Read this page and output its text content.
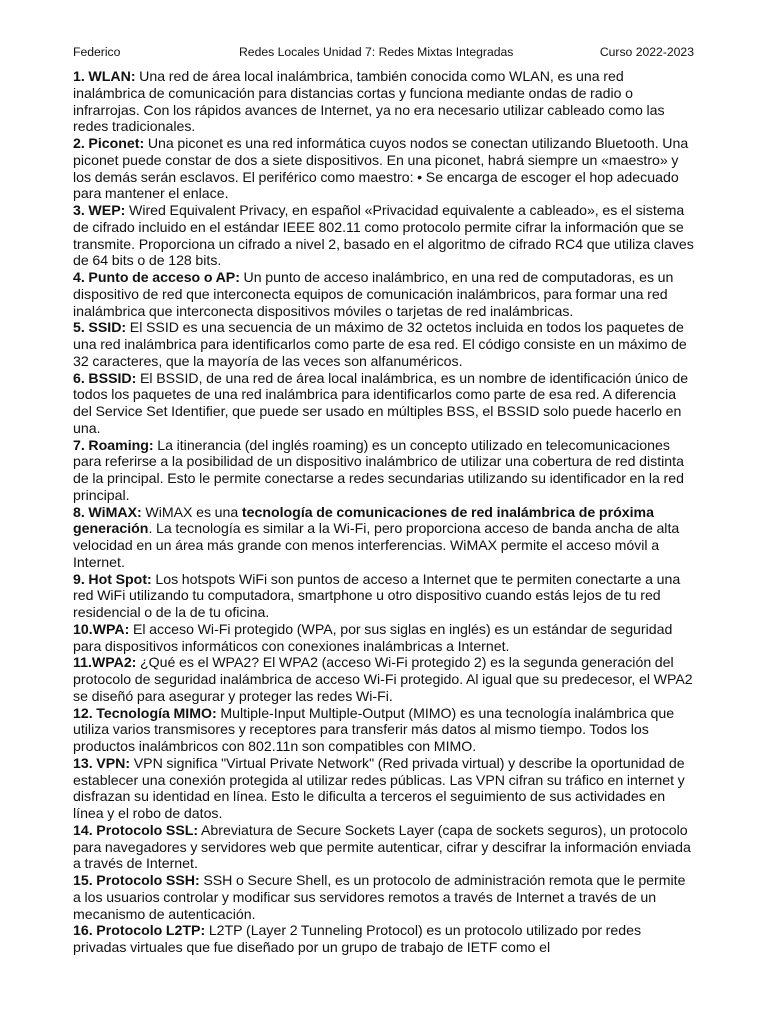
Federico	Redes Locales Unidad 7: Redes Mixtas Integradas	Curso 2022-2023

1. WLAN: Una red de área local inalámbrica, también conocida como WLAN, es una red inalámbrica de comunicación para distancias cortas y funciona mediante ondas de radio o infrarrojas. Con los rápidos avances de Internet, ya no era necesario utilizar cableado como las redes tradicionales.

2. Piconet: Una piconet es una red informática cuyos nodos se conectan utilizando Bluetooth. Una piconet puede constar de dos a siete dispositivos. En una piconet, habrá siempre un «maestro» y los demás serán esclavos. El periférico como maestro: • Se encarga de escoger el hop adecuado para mantener el enlace.

3. WEP: Wired Equivalent Privacy, en español «Privacidad equivalente a cableado», es el sistema de cifrado incluido en el estándar IEEE 802.11 como protocolo permite cifrar la información que se transmite. Proporciona un cifrado a nivel 2, basado en el algoritmo de cifrado RC4 que utiliza claves de 64 bits o de 128 bits.

4. Punto de acceso o AP: Un punto de acceso inalámbrico, en una red de computadoras, es un dispositivo de red que interconecta equipos de comunicación inalámbricos, para formar una red inalámbrica que interconecta dispositivos móviles o tarjetas de red inalámbricas.

5. SSID: El SSID es una secuencia de un máximo de 32 octetos incluida en todos los paquetes de una red inalámbrica para identificarlos como parte de esa red. El código consiste en un máximo de 32 caracteres, que la mayoría de las veces son alfanuméricos.

6. BSSID: El BSSID, de una red de área local inalámbrica, es un nombre de identificación único de todos los paquetes de una red inalámbrica para identificarlos como parte de esa red. A diferencia del Service Set Identifier, que puede ser usado en múltiples BSS, el BSSID solo puede hacerlo en una.

7. Roaming: La itinerancia (del inglés roaming) es un concepto utilizado en telecomunicaciones para referirse a la posibilidad de un dispositivo inalámbrico de utilizar una cobertura de red distinta de la principal. Esto le permite conectarse a redes secundarias utilizando su identificador en la red principal.

8. WiMAX: WiMAX es una tecnología de comunicaciones de red inalámbrica de próxima generación. La tecnología es similar a la Wi-Fi, pero proporciona acceso de banda ancha de alta velocidad en un área más grande con menos interferencias. WiMAX permite el acceso móvil a Internet.

9. Hot Spot: Los hotspots WiFi son puntos de acceso a Internet que te permiten conectarte a una red WiFi utilizando tu computadora, smartphone u otro dispositivo cuando estás lejos de tu red residencial o de la de tu oficina.

10.WPA: El acceso Wi-Fi protegido (WPA, por sus siglas en inglés) es un estándar de seguridad para dispositivos informáticos con conexiones inalámbricas a Internet.

11.WPA2: ¿Qué es el WPA2? El WPA2 (acceso Wi-Fi protegido 2) es la segunda generación del protocolo de seguridad inalámbrica de acceso Wi-Fi protegido. Al igual que su predecesor, el WPA2 se diseñó para asegurar y proteger las redes Wi-Fi.

12. Tecnología MIMO: Multiple-Input Multiple-Output (MIMO) es una tecnología inalámbrica que utiliza varios transmisores y receptores para transferir más datos al mismo tiempo. Todos los productos inalámbricos con 802.11n son compatibles con MIMO.

13. VPN: VPN significa "Virtual Private Network" (Red privada virtual) y describe la oportunidad de establecer una conexión protegida al utilizar redes públicas. Las VPN cifran su tráfico en internet y disfrazan su identidad en línea. Esto le dificulta a terceros el seguimiento de sus actividades en línea y el robo de datos.

14. Protocolo SSL: Abreviatura de Secure Sockets Layer (capa de sockets seguros), un protocolo para navegadores y servidores web que permite autenticar, cifrar y descifrar la información enviada a través de Internet.

15. Protocolo SSH: SSH o Secure Shell, es un protocolo de administración remota que le permite a los usuarios controlar y modificar sus servidores remotos a través de Internet a través de un mecanismo de autenticación.

16. Protocolo L2TP: L2TP (Layer 2 Tunneling Protocol) es un protocolo utilizado por redes privadas virtuales que fue diseñado por un grupo de trabajo de IETF como el
